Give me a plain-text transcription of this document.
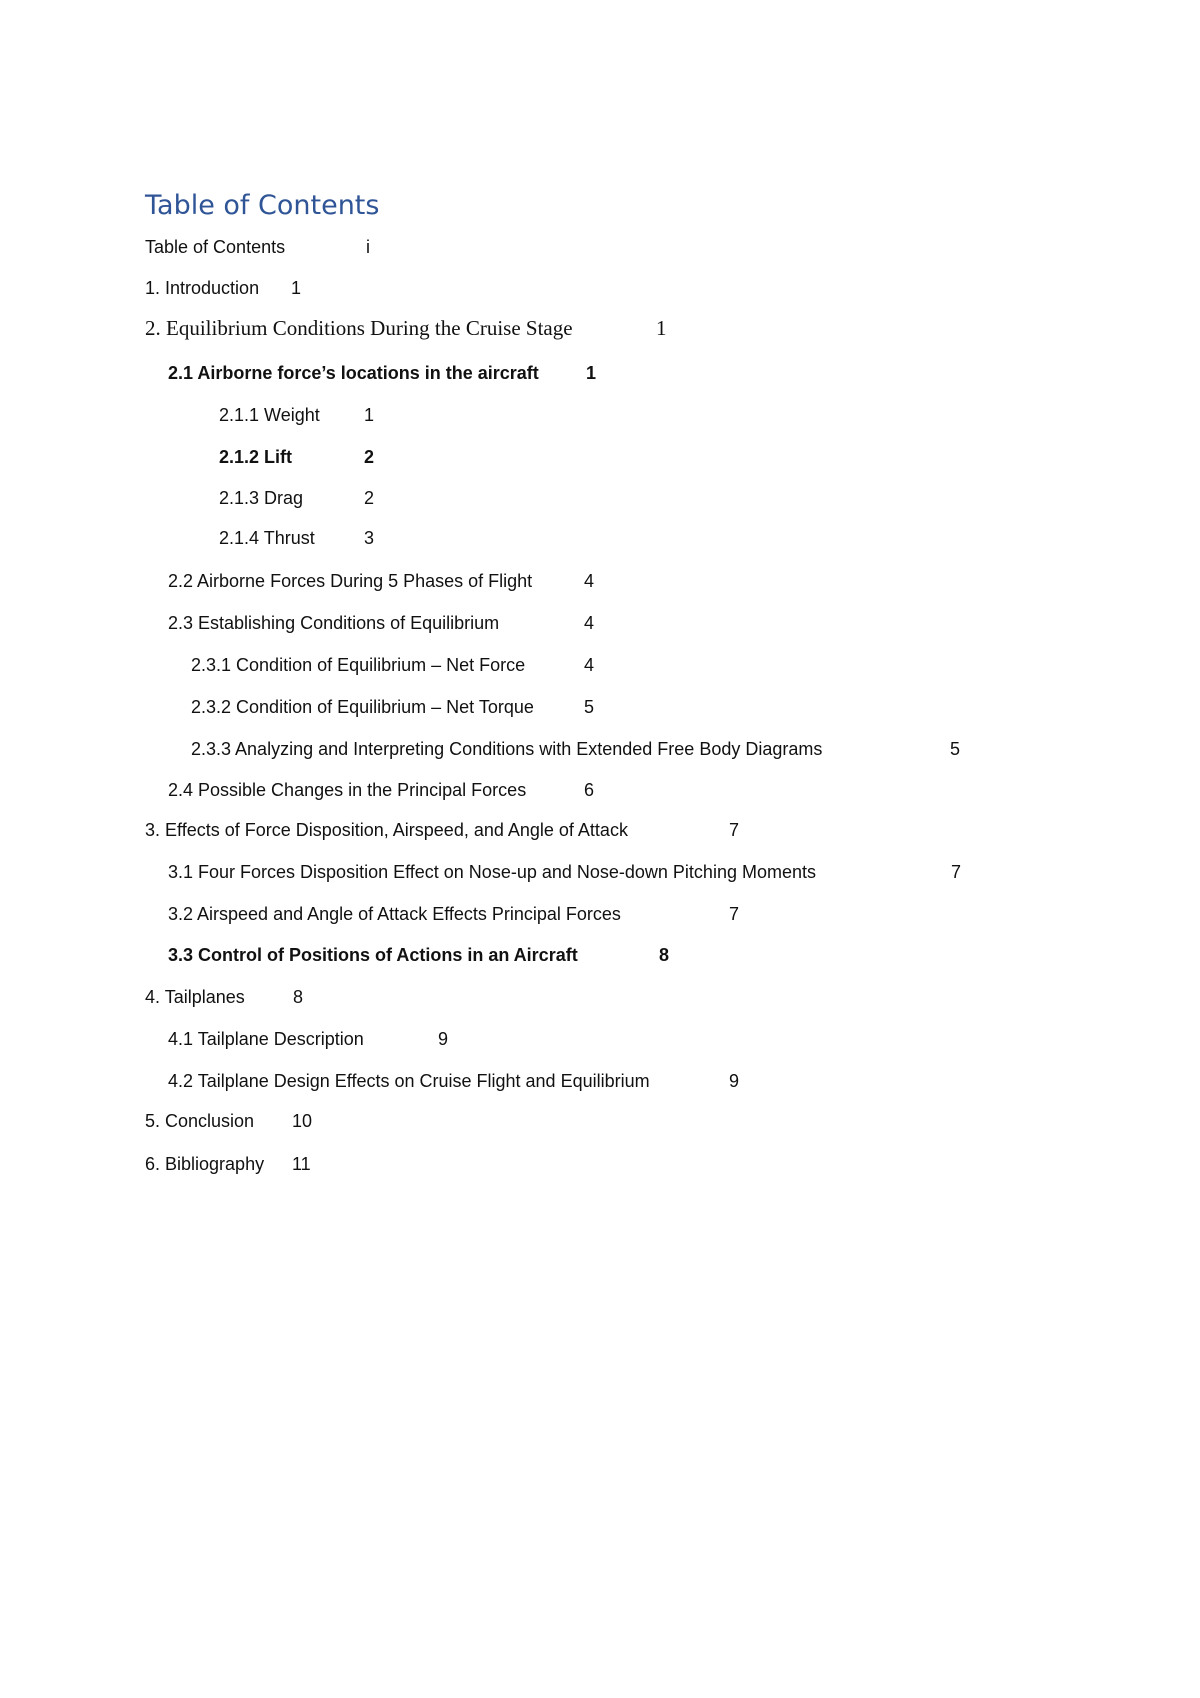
Table of Contents
Table of Contents	i
1. Introduction 1
2. Equilibrium Conditions During the Cruise Stage	1
2.1 Airborne force’s locations in the aircraft	1
2.1.1 Weight 1
2.1.2 Lift	2
2.1.3 Drag	2
2.1.4 Thrust	3
2.2 Airborne Forces During 5 Phases of Flight	4
2.3 Establishing Conditions of Equilibrium	4
2.3.1 Condition of Equilibrium – Net Force	4
2.3.2 Condition of Equilibrium – Net Torque	5
2.3.3 Analyzing and Interpreting Conditions with Extended Free Body Diagrams	5
2.4 Possible Changes in the Principal Forces	6
3. Effects of Force Disposition, Airspeed, and Angle of Attack	7
3.1 Four Forces Disposition Effect on Nose-up and Nose-down Pitching Moments	7
3.2 Airspeed and Angle of Attack Effects Principal Forces	7
3.3 Control of Positions of Actions in an Aircraft	8
4. Tailplanes	8
4.1 Tailplane Description	9
4.2 Tailplane Design Effects on Cruise Flight and Equilibrium	9
5. Conclusion 10
6. Bibliography 11
